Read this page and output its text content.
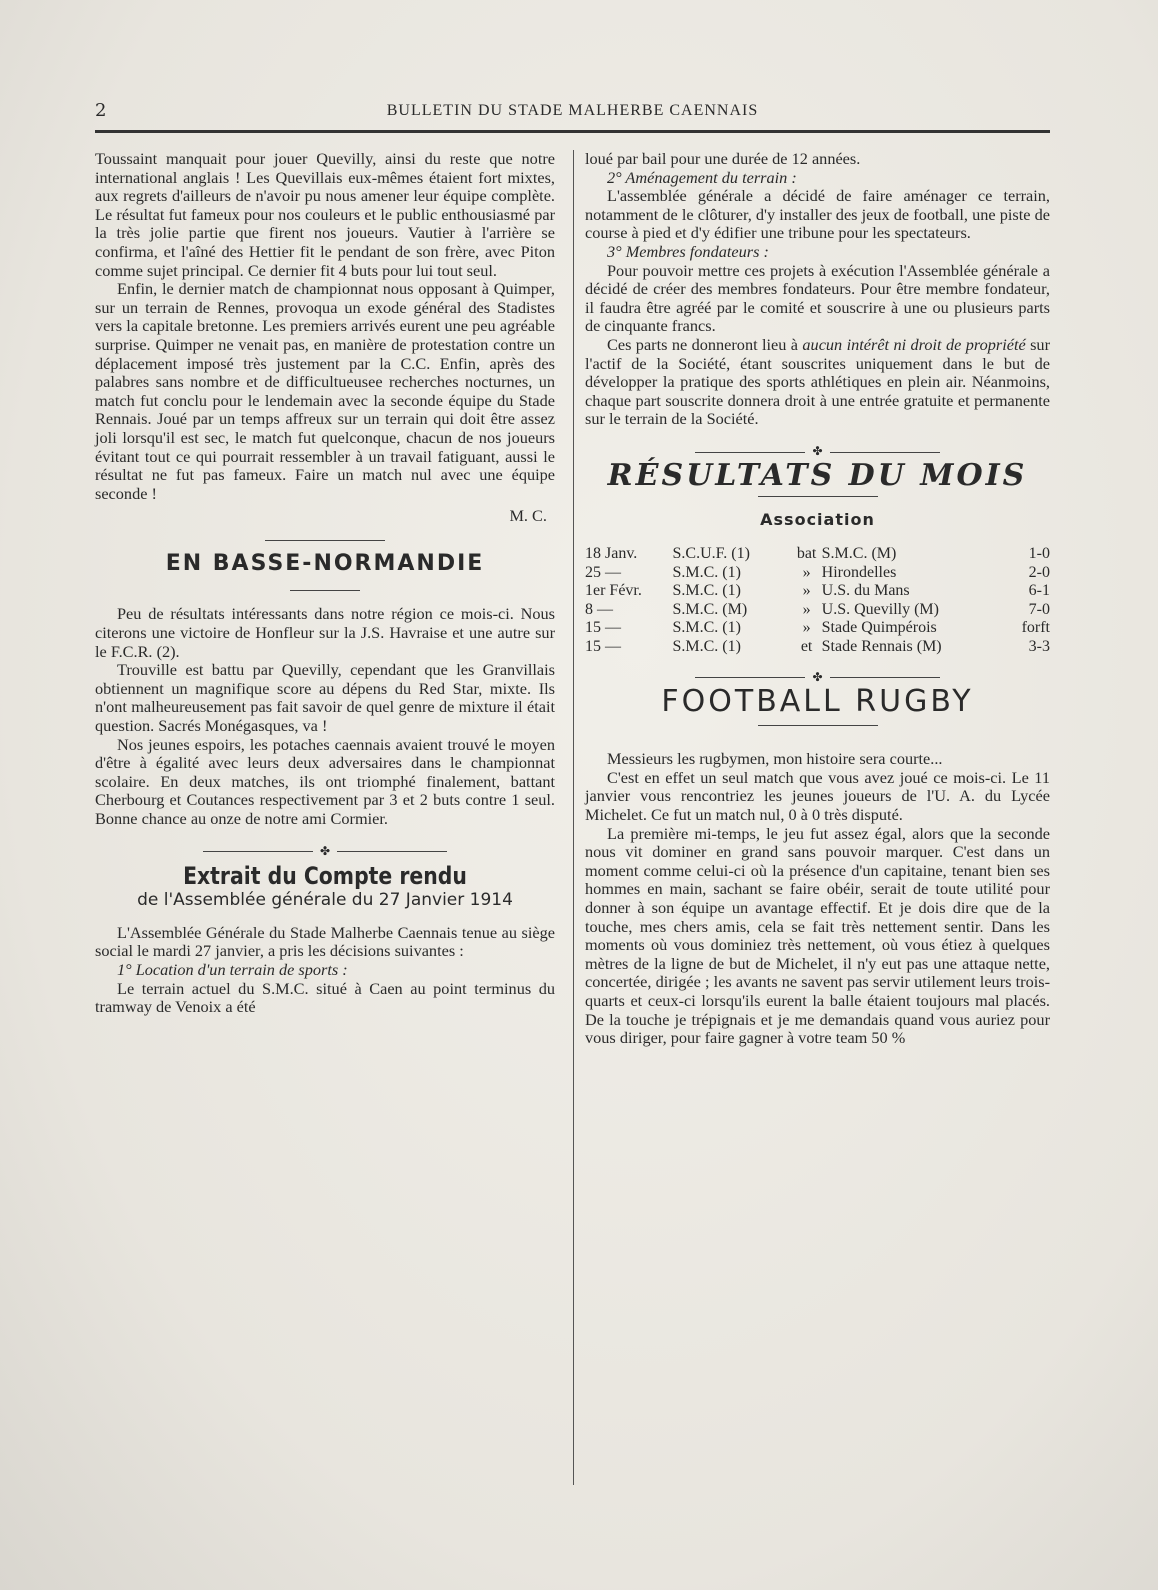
2	BULLETIN DU STADE MALHERBE CAENNAIS

Toussaint manquait pour jouer Quevilly, ainsi du reste que notre international anglais ! Les Quevillais eux-mêmes étaient fort mixtes, aux regrets d'ailleurs de n'avoir pu nous amener leur équipe complète. Le résultat fut fameux pour nos couleurs et le public enthousiasmé par la très jolie partie que firent nos joueurs. Vautier à l'arrière se confirma, et l'aîné des Hettier fit le pendant de son frère, avec Piton comme sujet principal. Ce dernier fit 4 buts pour lui tout seul.

Enfin, le dernier match de championnat nous opposant à Quimper, sur un terrain de Rennes, provoqua un exode général des Stadistes vers la capitale bretonne. Les premiers arrivés eurent une peu agréable surprise. Quimper ne venait pas, en manière de protestation contre un déplacement imposé très justement par la C.C. Enfin, après des palabres sans nombre et de difficultueusee recherches nocturnes, un match fut conclu pour le lendemain avec la seconde équipe du Stade Rennais. Joué par un temps affreux sur un terrain qui doit être assez joli lorsqu'il est sec, le match fut quelconque, chacun de nos joueurs évitant tout ce qui pourrait ressembler à un travail fatiguant, aussi le résultat ne fut pas fameux. Faire un match nul avec une équipe seconde !

M. C.
EN BASSE-NORMANDIE

Peu de résultats intéressants dans notre région ce mois-ci. Nous citerons une victoire de Honfleur sur la J.S. Havraise et une autre sur le F.C.R. (2).

Trouville est battu par Quevilly, cependant que les Granvillais obtiennent un magnifique score au dépens du Red Star, mixte. Ils n'ont malheureusement pas fait savoir de quel genre de mixture il était question. Sacrés Monégasques, va !

Nos jeunes espoirs, les potaches caennais avaient trouvé le moyen d'être à égalité avec leurs deux adversaires dans le championnat scolaire. En deux matches, ils ont triomphé finalement, battant Cherbourg et Coutances respectivement par 3 et 2 buts contre 1 seul. Bonne chance au onze de notre ami Cormier.

✤
Extrait du Compte rendu
de l'Assemblée générale du 27 Janvier 1914

L'Assemblée Générale du Stade Malherbe Caennais tenue au siège social le mardi 27 janvier, a pris les décisions suivantes :

1° Location d'un terrain de sports :

Le terrain actuel du S.M.C. situé à Caen au point terminus du tramway de Venoix a été

loué par bail pour une durée de 12 années.

2° Aménagement du terrain :

L'assemblée générale a décidé de faire aménager ce terrain, notamment de le clôturer, d'y installer des jeux de football, une piste de course à pied et d'y édifier une tribune pour les spectateurs.

3° Membres fondateurs :

Pour pouvoir mettre ces projets à exécution l'Assemblée générale a décidé de créer des membres fondateurs. Pour être membre fondateur, il faudra être agréé par le comité et souscrire à une ou plusieurs parts de cinquante francs.

Ces parts ne donneront lieu à aucun intérêt ni droit de propriété sur l'actif de la Société, étant souscrites uniquement dans le but de développer la pratique des sports athlétiques en plein air. Néanmoins, chaque part souscrite donnera droit à une entrée gratuite et permanente sur le terrain de la Société.

✤
RÉSULTATS DU MOIS
Association
18 Janv.	S.C.U.F. (1)	bat	S.M.C. (M)	1-0
25 —	S.M.C. (1)	»	Hirondelles	2-0
1er Févr.	S.M.C. (1)	»	U.S. du Mans	6-1
8 —	S.M.C. (M)	»	U.S. Quevilly (M)	7-0
15 —	S.M.C. (1)	»	Stade Quimpérois	forft
15 —	S.M.C. (1)	et	Stade Rennais (M)	3-3
✤
FOOTBALL RUGBY

Messieurs les rugbymen, mon histoire sera courte...

C'est en effet un seul match que vous avez joué ce mois-ci. Le 11 janvier vous rencontriez les jeunes joueurs de l'U. A. du Lycée Michelet. Ce fut un match nul, 0 à 0 très disputé.

La première mi-temps, le jeu fut assez égal, alors que la seconde nous vit dominer en grand sans pouvoir marquer. C'est dans un moment comme celui-ci où la présence d'un capitaine, tenant bien ses hommes en main, sachant se faire obéir, serait de toute utilité pour donner à son équipe un avantage effectif. Et je dois dire que de la touche, mes chers amis, cela se fait très nettement sentir. Dans les moments où vous dominiez très nettement, où vous étiez à quelques mètres de la ligne de but de Michelet, il n'y eut pas une attaque nette, concertée, dirigée ; les avants ne savent pas servir utilement leurs trois-quarts et ceux-ci lorsqu'ils eurent la balle étaient toujours mal placés. De la touche je trépignais et je me demandais quand vous auriez pour vous diriger, pour faire gagner à votre team 50 %
